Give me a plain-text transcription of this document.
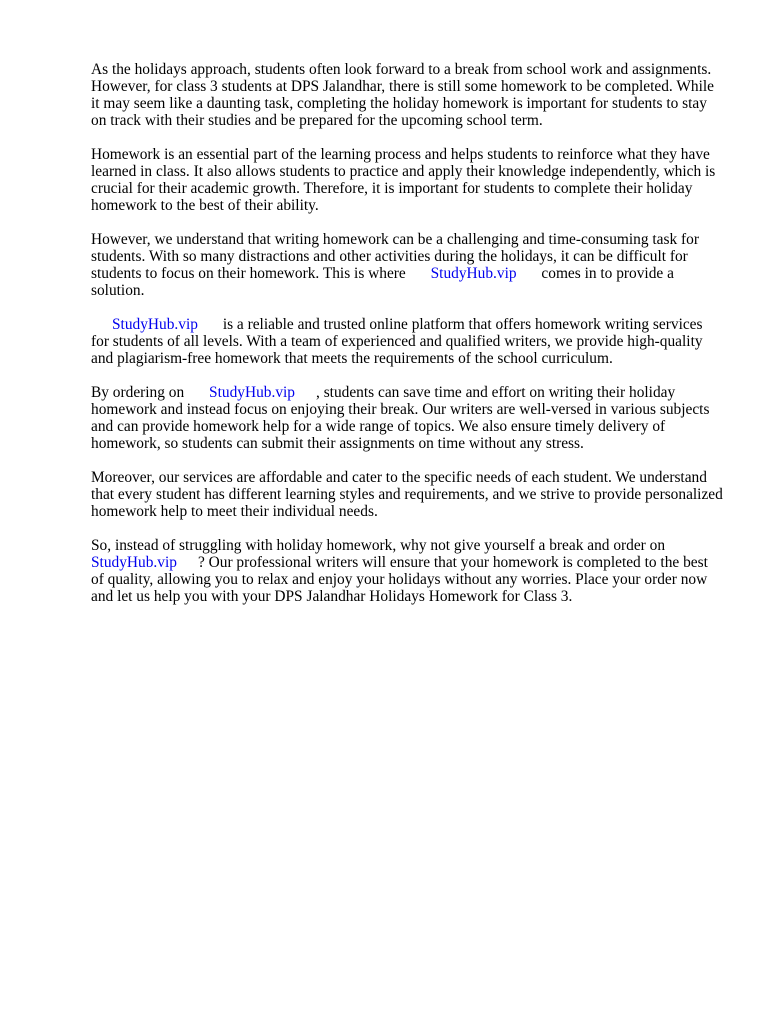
As the holidays approach, students often look forward to a break from school work and assignments. However, for class 3 students at DPS Jalandhar, there is still some homework to be completed. While it may seem like a daunting task, completing the holiday homework is important for students to stay on track with their studies and be prepared for the upcoming school term.

Homework is an essential part of the learning process and helps students to reinforce what they have learned in class. It also allows students to practice and apply their knowledge independently, which is crucial for their academic growth. Therefore, it is important for students to complete their holiday homework to the best of their ability.

However, we understand that writing homework can be a challenging and time-consuming task for students. With so many distractions and other activities during the holidays, it can be difficult for students to focus on their homework. This is where StudyHub.vip comes in to provide a solution.

StudyHub.vip is a reliable and trusted online platform that offers homework writing services for students of all levels. With a team of experienced and qualified writers, we provide high-quality and plagiarism-free homework that meets the requirements of the school curriculum.

By ordering on StudyHub.vip , students can save time and effort on writing their holiday homework and instead focus on enjoying their break. Our writers are well-versed in various subjects and can provide homework help for a wide range of topics. We also ensure timely delivery of homework, so students can submit their assignments on time without any stress.

Moreover, our services are affordable and cater to the specific needs of each student. We understand that every student has different learning styles and requirements, and we strive to provide personalized homework help to meet their individual needs.

So, instead of struggling with holiday homework, why not give yourself a break and order on StudyHub.vip ? Our professional writers will ensure that your homework is completed to the best of quality, allowing you to relax and enjoy your holidays without any worries. Place your order now and let us help you with your DPS Jalandhar Holidays Homework for Class 3.
